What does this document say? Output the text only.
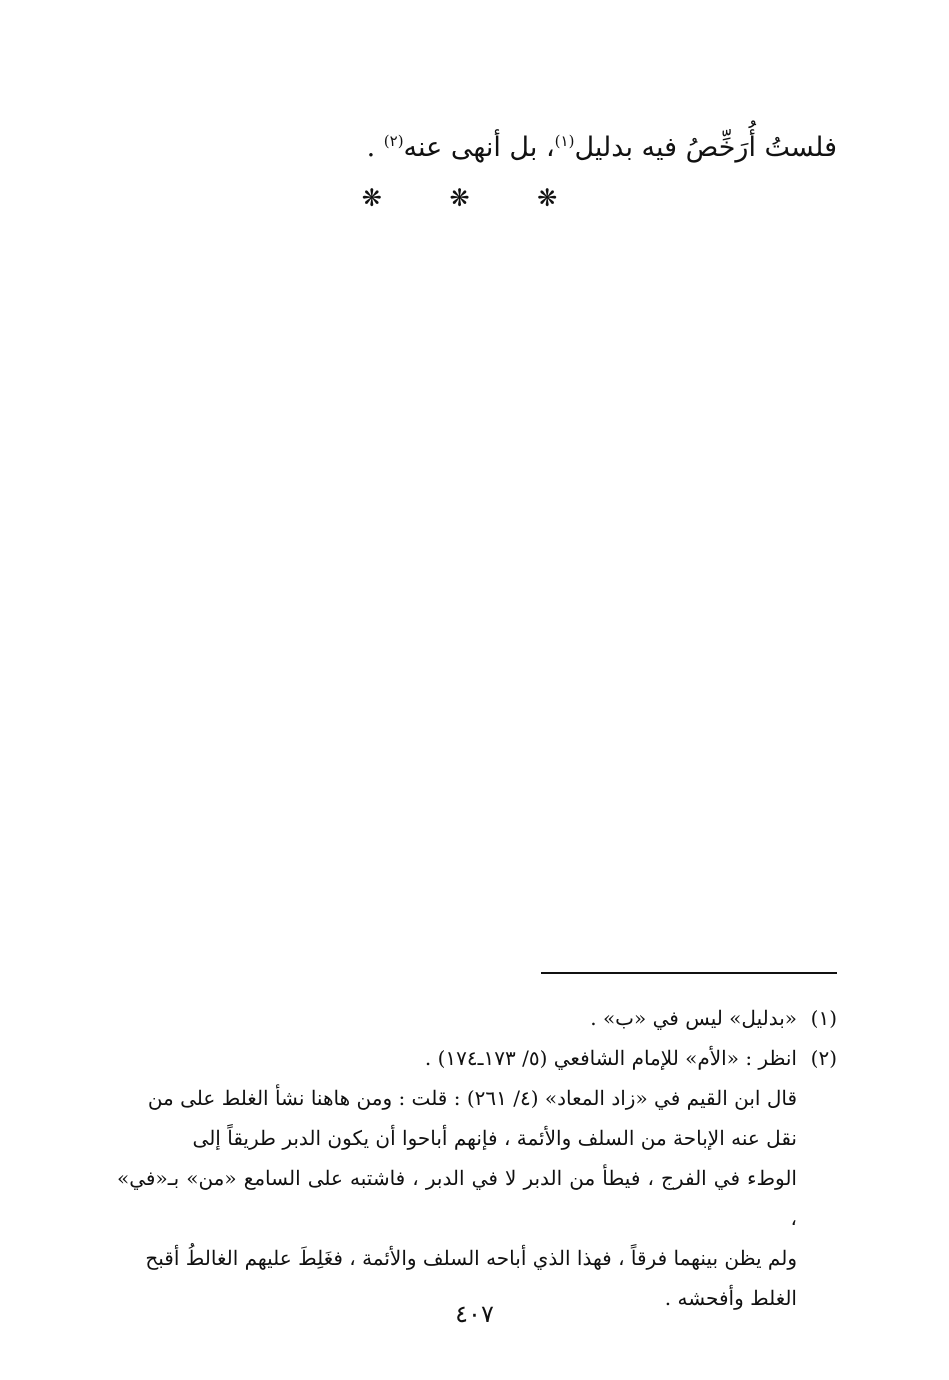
فلستُ أُرَخِّصُ فيه بدليل$^{(١)}$، بل أنهى عنه$^{(٢)}$ .
❋ ❋ ❋
(١)
«بدليل» ليس في «ب» .
(٢)
انظر : «الأم» للإمام الشافعي (٥/ ١٧٣ـ١٧٤) .
قال ابن القيم في «زاد المعاد» (٤/ ٢٦١) : قلت : ومن هاهنا نشأ الغلط على من
نقل عنه الإباحة من السلف والأئمة ، فإنهم أباحوا أن يكون الدبر طريقاً إلى
الوطء في الفرج ، فيطأ من الدبر لا في الدبر ، فاشتبه على السامع «من» بـ«في» ،
ولم يظن بينهما فرقاً ، فهذا الذي أباحه السلف والأئمة ، فغَلِطَ عليهم الغالطُ أقبح
الغلط وأفحشه .
٤٠٧
